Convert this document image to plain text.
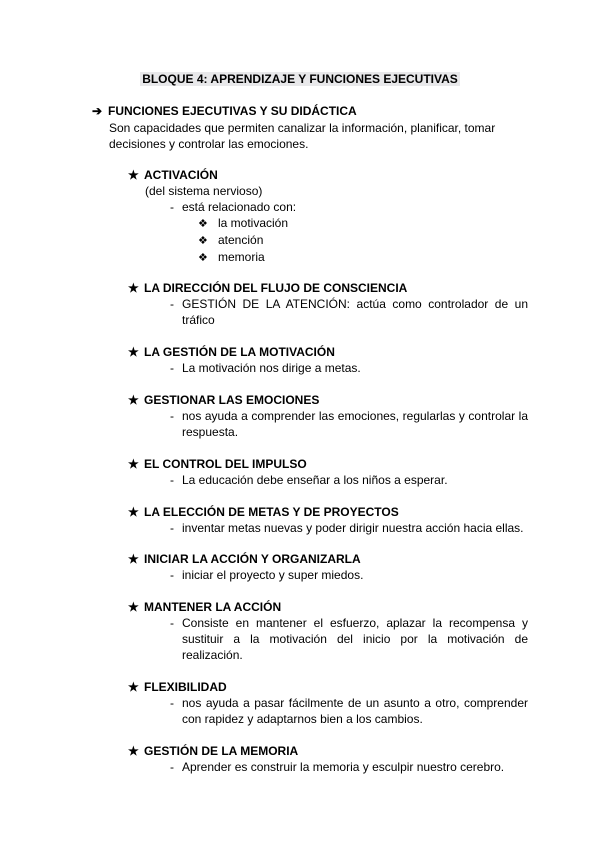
BLOQUE 4: APRENDIZAJE Y FUNCIONES EJECUTIVAS
➔ FUNCIONES EJECUTIVAS Y SU DIDÁCTICA
Son capacidades que permiten canalizar la información, planificar, tomar decisiones y controlar las emociones.
★ ACTIVACIÓN
(del sistema nervioso)
- está relacionado con:
❖ la motivación
❖ atención
❖ memoria
★ LA DIRECCIÓN DEL FLUJO DE CONSCIENCIA
- GESTIÓN DE LA ATENCIÓN: actúa como controlador de un tráfico
★ LA GESTIÓN DE LA MOTIVACIÓN
- La motivación nos dirige a metas.
★ GESTIONAR LAS EMOCIONES
- nos ayuda a comprender las emociones, regularlas y controlar la respuesta.
★ EL CONTROL DEL IMPULSO
- La educación debe enseñar a los niños a esperar.
★ LA ELECCIÓN DE METAS Y DE PROYECTOS
- inventar metas nuevas y poder dirigir nuestra acción hacia ellas.
★ INICIAR LA ACCIÓN Y ORGANIZARLA
- iniciar el proyecto y super miedos.
★ MANTENER LA ACCIÓN
- Consiste en mantener el esfuerzo, aplazar la recompensa y sustituir a la motivación del inicio por la motivación de realización.
★ FLEXIBILIDAD
- nos ayuda a pasar fácilmente de un asunto a otro, comprender con rapidez y adaptarnos bien a los cambios.
★ GESTIÓN DE LA MEMORIA
- Aprender es construir la memoria y esculpir nuestro cerebro.
